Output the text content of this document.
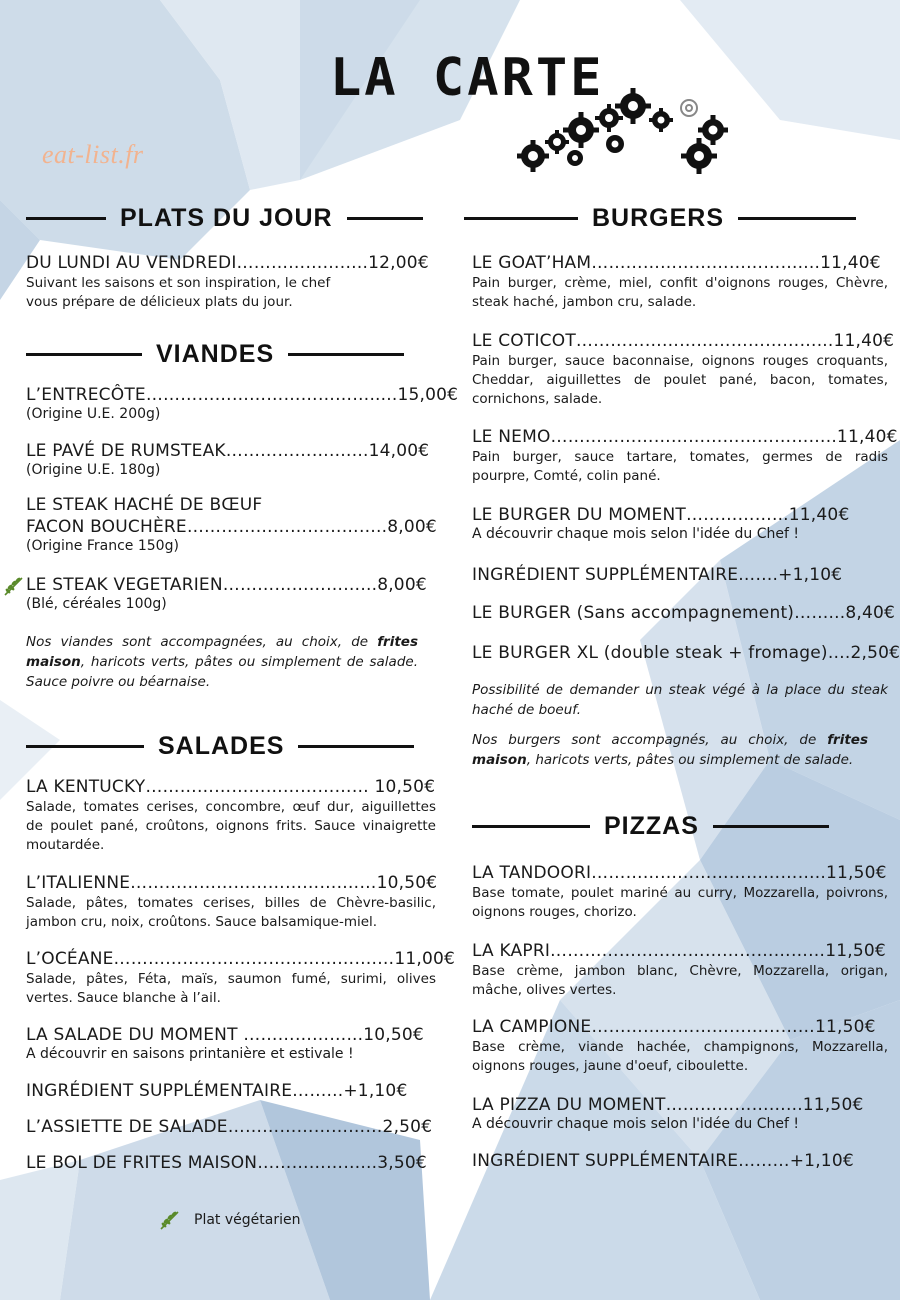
LA CARTE
eat-list.fr
PLATS DU JOUR
DU LUNDI AU VENDREDI……………….….12,00€
Suivant les saisons et son inspiration, le chef vous prépare de délicieux plats du jour.
VIANDES
L’ENTRECÔTE………………………………….....15,00€
(Origine U.E. 200g)
LE PAVÉ DE RUMSTEAK……………….…...14,00€
(Origine U.E. 180g)
LE STEAK HACHÉ DE BŒUF
FACON BOUCHÈRE……………………………..8,00€
(Origine France 150g)
LE STEAK VEGETARIEN……………………...8,00€
(Blé, céréales 100g)
Nos viandes sont accompagnées, au choix, de frites maison, haricots verts, pâtes ou simplement de salade. Sauce poivre ou béarnaise.
SALADES
LA KENTUCKY………………………………… 10,50€
Salade, tomates cerises, concombre, œuf dur, aiguillettes de poulet pané, croûtons, oignons frits. Sauce vinaigrette moutardée.
L’ITALIENNE……………………………….……10,50€
Salade, pâtes, tomates cerises, billes de Chèvre-basilic, jambon cru, noix, croûtons. Sauce balsamique-miel.
L’OCÉANE……………………………………….…11,00€
Salade, pâtes, Féta, maïs, saumon fumé, surimi, olives vertes. Sauce blanche à l’ail.
LA SALADE DU MOMENT ………………...10,50€
A découvrir en saisons printanière et estivale !
INGRÉDIENT SUPPLÉMENTAIRE……...+1,10€
L’ASSIETTE DE SALADE………………………2,50€
LE BOL DE FRITES MAISON………………...3,50€
BURGERS
LE GOAT’HAM………………………………....11,40€
Pain burger, crème, miel, confit d'oignons rouges, Chèvre, steak haché, jambon cru, salade.
LE COTICOT……………………………………...11,40€
Pain burger, sauce baconnaise, oignons rouges croquants, Cheddar, aiguillettes de poulet pané, bacon, tomates, cornichons, salade.
LE NEMO…………………………………………..11,40€
Pain burger, sauce tartare, tomates, germes de radis pourpre, Comté, colin pané.
LE BURGER DU MOMENT……………...11,40€
A découvrir chaque mois selon l'idée du Chef !
INGRÉDIENT SUPPLÉMENTAIRE…….+1,10€
LE BURGER (Sans accompagnement)……...8,40€
LE BURGER XL (double steak + fromage)….2,50€
Possibilité de demander un steak végé à la place du steak haché de boeuf.
Nos burgers sont accompagnés, au choix, de frites maison, haricots verts, pâtes ou simplement de salade.
PIZZAS
LA TANDOORI…………………………………..11,50€
Base tomate, poulet mariné au curry, Mozzarella, poivrons, oignons rouges, chorizo.
LA KAPRI…………………………………………11,50€
Base crème, jambon blanc, Chèvre, Mozzarella, origan, mâche, olives vertes.
LA CAMPIONE…………………………………11,50€
Base crème, viande hachée, champignons, Mozzarella, oignons rouges, jaune d'oeuf, ciboulette.
LA PIZZA DU MOMENT…………………...11,50€
A découvrir chaque mois selon l'idée du Chef !
INGRÉDIENT SUPPLÉMENTAIRE………+1,10€
Plat végétarien
